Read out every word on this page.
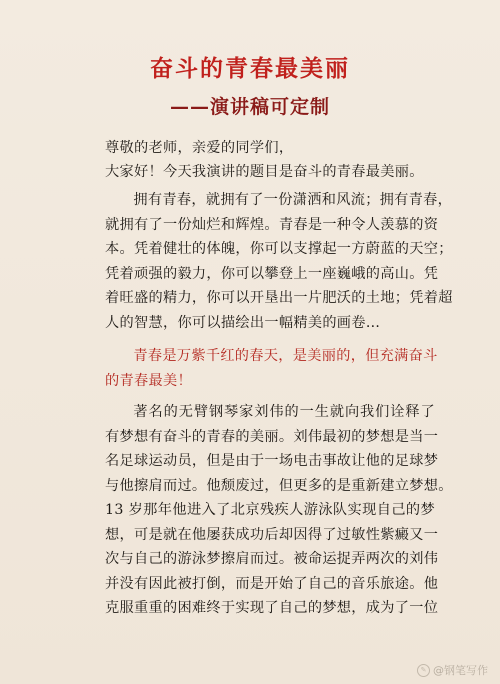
奋斗的青春最美丽
——演讲稿可定制
尊敬的老师，亲爱的同学们，
大家好！今天我演讲的题目是奋斗的青春最美丽。
拥有青春，就拥有了一份潇洒和风流；拥有青春，
就拥有了一份灿烂和辉煌。青春是一种令人羡慕的资
本。凭着健壮的体魄，你可以支撑起一方蔚蓝的天空；
凭着顽强的毅力，你可以攀登上一座巍峨的高山。凭
着旺盛的精力，你可以开垦出一片肥沃的土地；凭着超
人的智慧，你可以描绘出一幅精美的画卷…
青春是万紫千红的春天，是美丽的，但充满奋斗
的青春最美！
著名的无臂钢琴家刘伟的一生就向我们诠释了
有梦想有奋斗的青春的美丽。刘伟最初的梦想是当一
名足球运动员，但是由于一场电击事故让他的足球梦
与他擦肩而过。他颓废过，但更多的是重新建立梦想。
13 岁那年他进入了北京残疾人游泳队实现自己的梦
想，可是就在他屡获成功后却因得了过敏性紫癜又一
次与自己的游泳梦擦肩而过。被命运捉弄两次的刘伟
并没有因此被打倒，而是开始了自己的音乐旅途。他
克服重重的困难终于实现了自己的梦想，成为了一位
✎ @钢笔写作
